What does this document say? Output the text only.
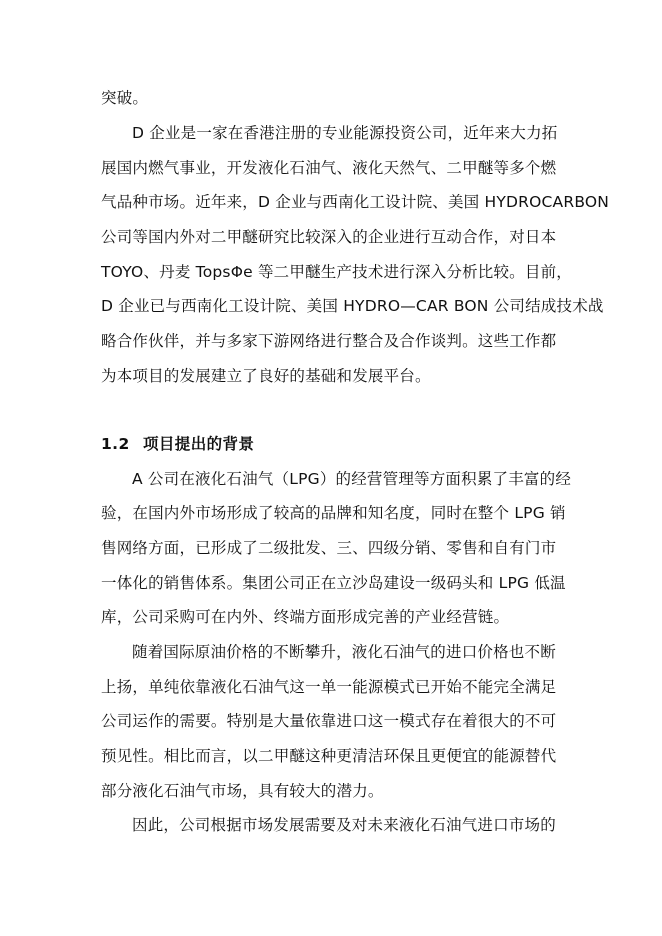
突破。
D 企业是一家在香港注册的专业能源投资公司，近年来大力拓
展国内燃气事业，开发液化石油气、液化天然气、二甲醚等多个燃
气品种市场。近年来，D 企业与西南化工设计院、美国 HYDROCARBON
公司等国内外对二甲醚研究比较深入的企业进行互动合作，对日本
TOYO、丹麦 TopsΦe 等二甲醚生产技术进行深入分析比较。目前，
D 企业已与西南化工设计院、美国 HYDRO—CAR BON 公司结成技术战
略合作伙伴，并与多家下游网络进行整合及合作谈判。这些工作都
为本项目的发展建立了良好的基础和发展平台。
1.2 项目提出的背景
A 公司在液化石油气（LPG）的经营管理等方面积累了丰富的经
验，在国内外市场形成了较高的品牌和知名度，同时在整个 LPG 销
售网络方面，已形成了二级批发、三、四级分销、零售和自有门市
一体化的销售体系。集团公司正在立沙岛建设一级码头和 LPG 低温
库，公司采购可在内外、终端方面形成完善的产业经营链。
随着国际原油价格的不断攀升，液化石油气的进口价格也不断
上扬，单纯依靠液化石油气这一单一能源模式已开始不能完全满足
公司运作的需要。特别是大量依靠进口这一模式存在着很大的不可
预见性。相比而言，以二甲醚这种更清洁环保且更便宜的能源替代
部分液化石油气市场，具有较大的潜力。
因此，公司根据市场发展需要及对未来液化石油气进口市场的
